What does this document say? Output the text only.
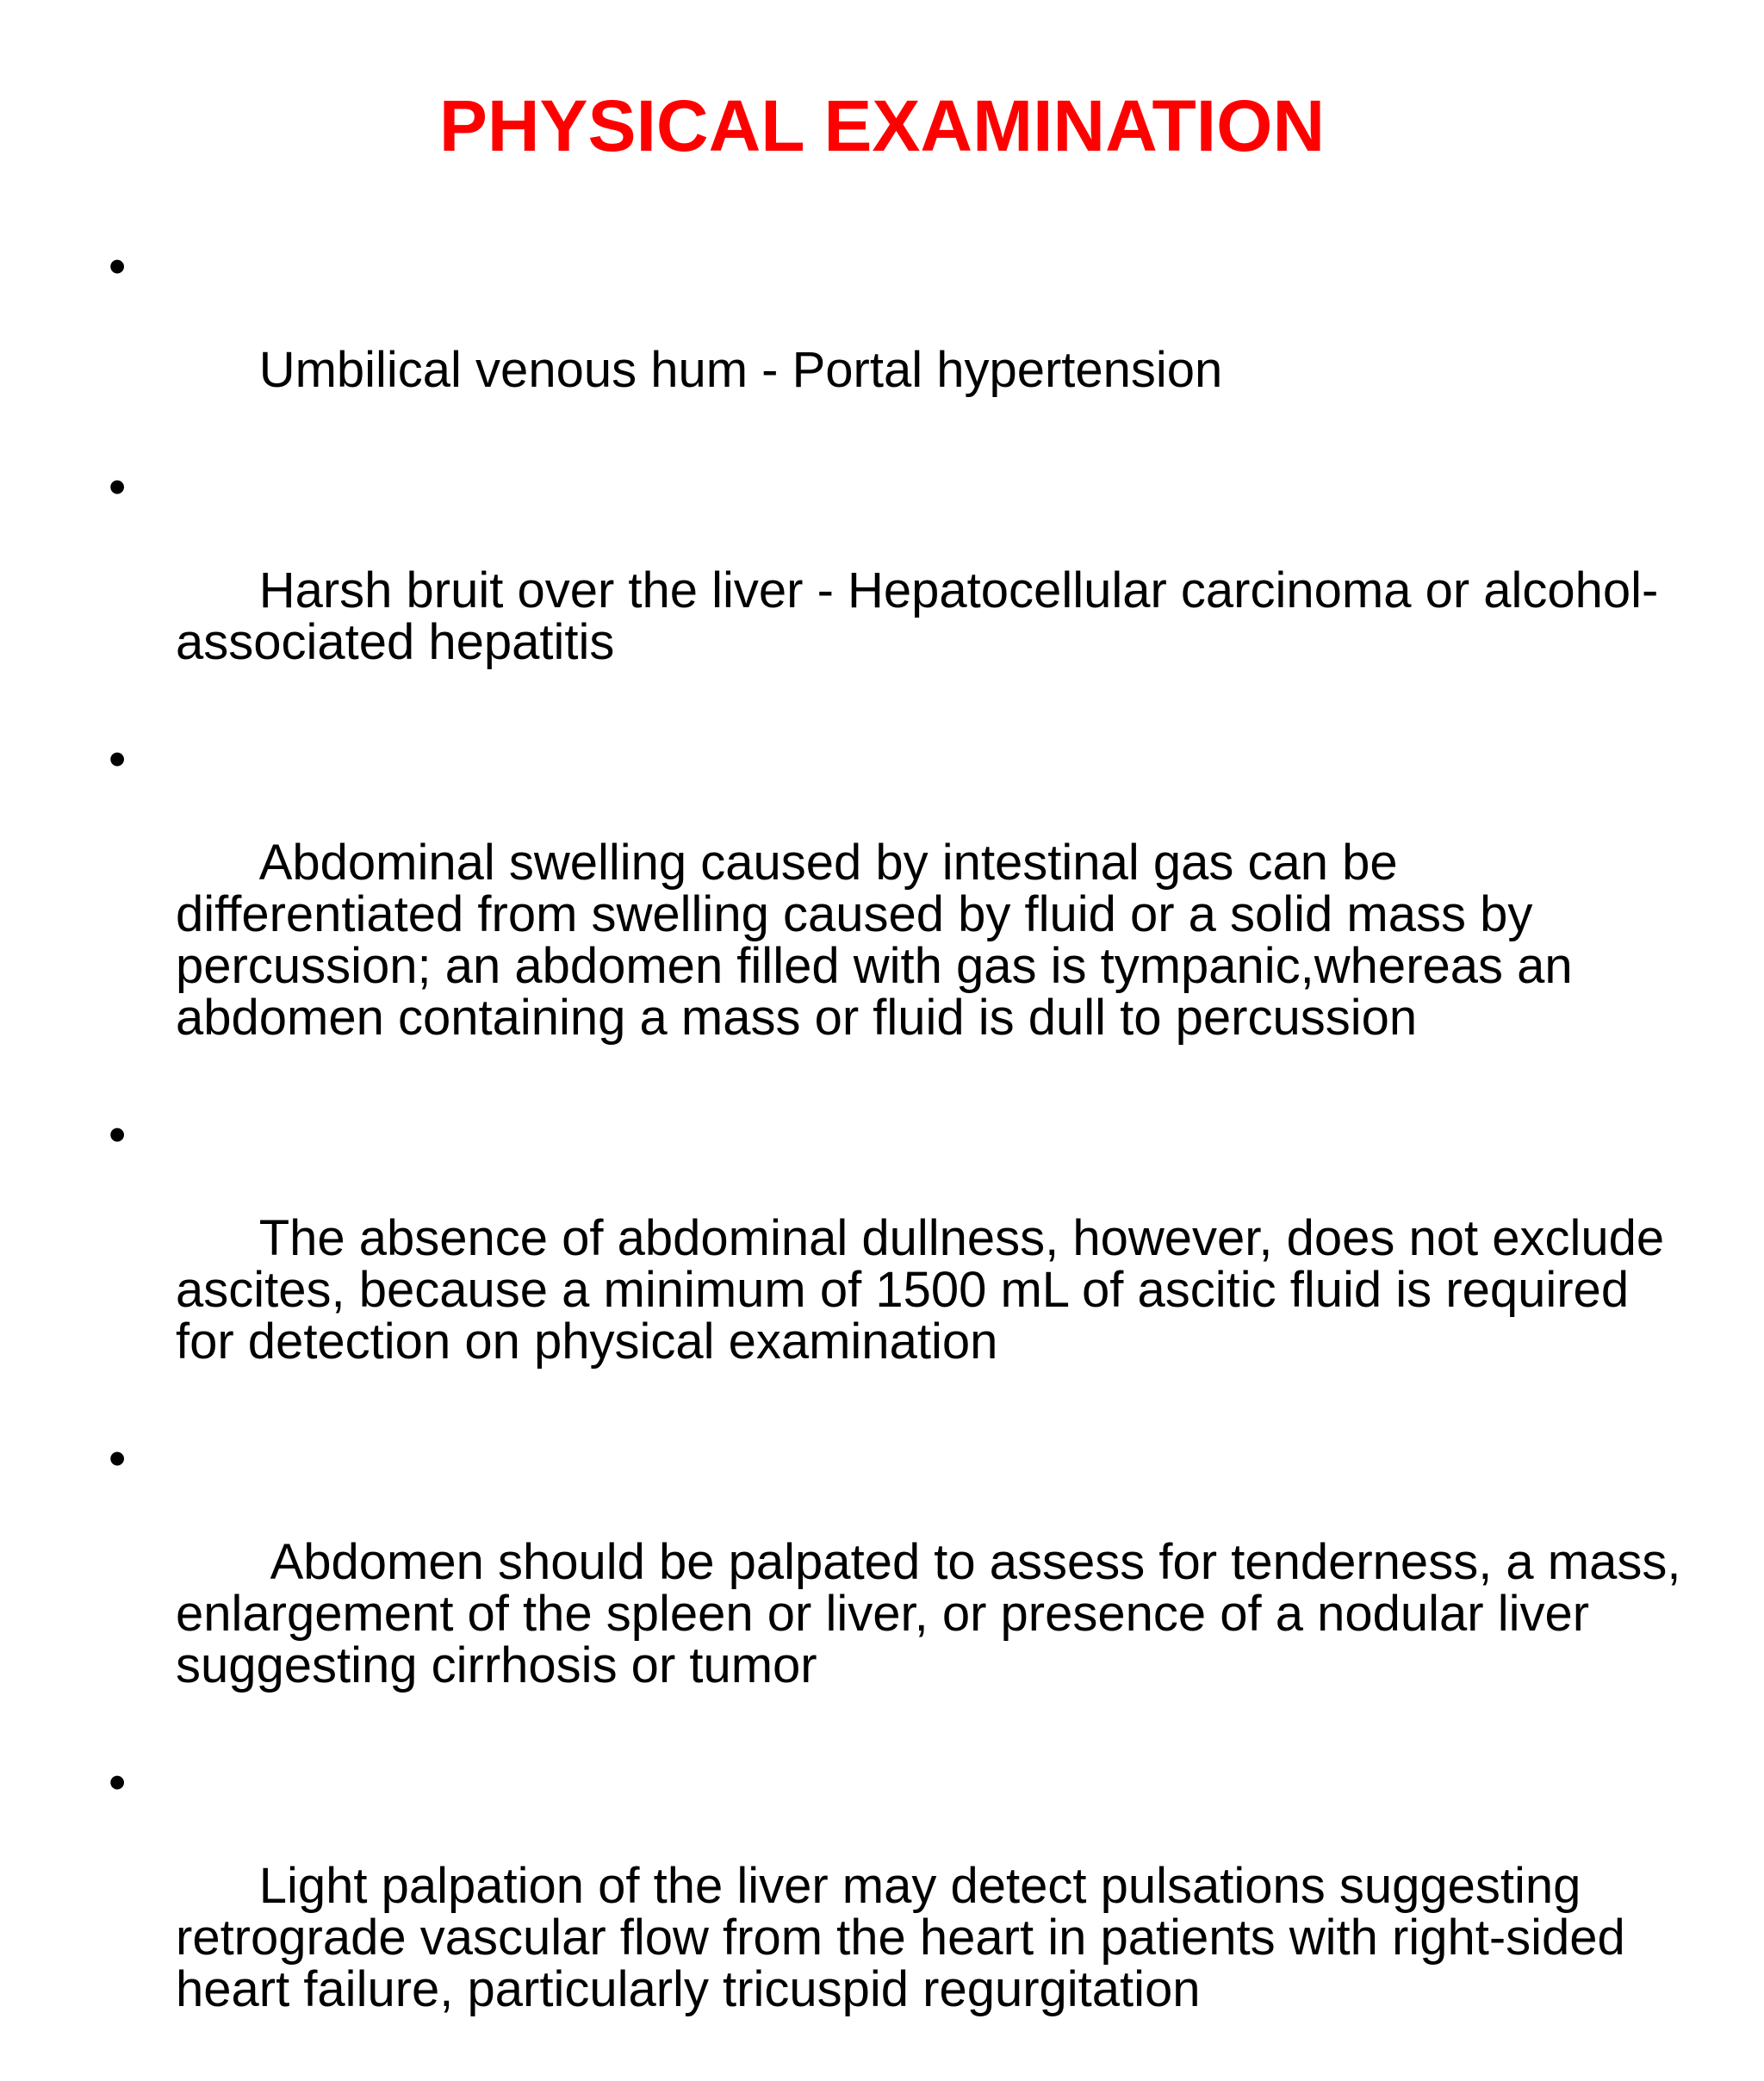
PHYSICAL EXAMINATION

•

Umbilical venous hum - Portal hypertension

•

Harsh bruit over the liver - Hepatocellular carcinoma or alcohol-associated hepatitis

•

Abdominal swelling caused by intestinal gas can be differentiated from swelling caused by fluid or a solid mass by percussion; an abdomen filled with gas is tympanic,whereas an abdomen containing a mass or fluid is dull to percussion

•

The absence of abdominal dullness, however, does not exclude ascites, because a minimum of 1500 mL of ascitic fluid is required for detection on physical examination

•

Abdomen should be palpated to assess for tenderness, a mass, enlargement of the spleen or liver, or presence of a nodular liver suggesting cirrhosis or tumor

•

Light palpation of the liver may detect pulsations suggesting retrograde vascular flow from the heart in patients with right-sided heart failure, particularly tricuspid regurgitation
